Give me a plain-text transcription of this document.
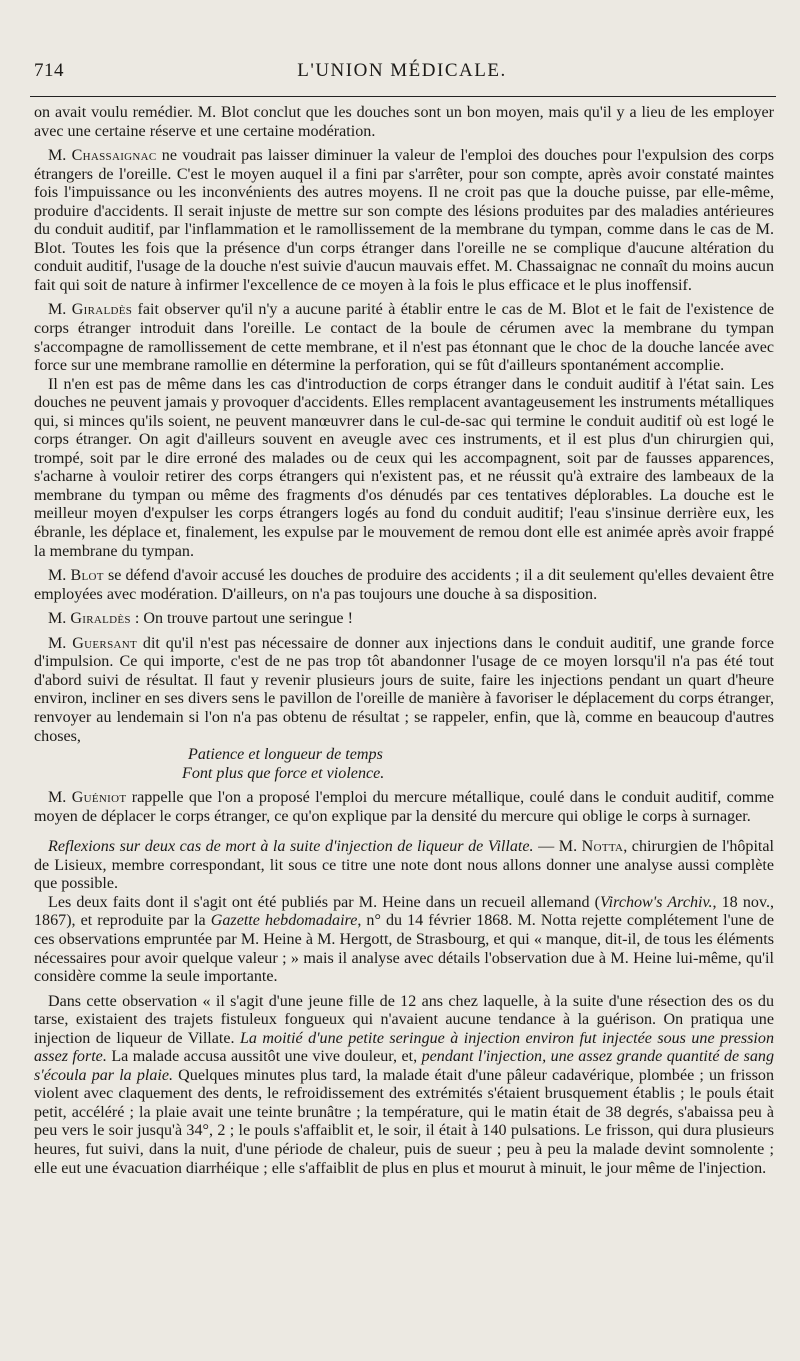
714	L'UNION MÉDICALE.

on avait voulu remédier. M. Blot conclut que les douches sont un bon moyen, mais qu'il y a lieu de les employer avec une certaine réserve et une certaine modération.

M. Chassaignac ne voudrait pas laisser diminuer la valeur de l'emploi des douches pour l'expulsion des corps étrangers de l'oreille. C'est le moyen auquel il a fini par s'arrêter, pour son compte, après avoir constaté maintes fois l'impuissance ou les inconvénients des autres moyens. Il ne croit pas que la douche puisse, par elle-même, produire d'accidents. Il serait injuste de mettre sur son compte des lésions produites par des maladies antérieures du conduit auditif, par l'inflammation et le ramollissement de la membrane du tympan, comme dans le cas de M. Blot. Toutes les fois que la présence d'un corps étranger dans l'oreille ne se complique d'aucune altération du conduit auditif, l'usage de la douche n'est suivie d'aucun mauvais effet. M. Chassaignac ne connaît du moins aucun fait qui soit de nature à infirmer l'excellence de ce moyen à la fois le plus efficace et le plus inoffensif.

M. Giraldès fait observer qu'il n'y a aucune parité à établir entre le cas de M. Blot et le fait de l'existence de corps étranger introduit dans l'oreille. Le contact de la boule de cérumen avec la membrane du tympan s'accompagne de ramollissement de cette membrane, et il n'est pas étonnant que le choc de la douche lancée avec force sur une membrane ramollie en détermine la perforation, qui se fût d'ailleurs spontanément accomplie.

Il n'en est pas de même dans les cas d'introduction de corps étranger dans le conduit auditif à l'état sain. Les douches ne peuvent jamais y provoquer d'accidents. Elles remplacent avantageusement les instruments métalliques qui, si minces qu'ils soient, ne peuvent manœuvrer dans le cul-de-sac qui termine le conduit auditif où est logé le corps étranger. On agit d'ailleurs souvent en aveugle avec ces instruments, et il est plus d'un chirurgien qui, trompé, soit par le dire erroné des malades ou de ceux qui les accompagnent, soit par de fausses apparences, s'acharne à vouloir retirer des corps étrangers qui n'existent pas, et ne réussit qu'à extraire des lambeaux de la membrane du tympan ou même des fragments d'os dénudés par ces tentatives déplorables. La douche est le meilleur moyen d'expulser les corps étrangers logés au fond du conduit auditif; l'eau s'insinue derrière eux, les ébranle, les déplace et, finalement, les expulse par le mouvement de remou dont elle est animée après avoir frappé la membrane du tympan.

M. Blot se défend d'avoir accusé les douches de produire des accidents ; il a dit seulement qu'elles devaient être employées avec modération. D'ailleurs, on n'a pas toujours une douche à sa disposition.

M. Giraldès : On trouve partout une seringue !

M. Guersant dit qu'il n'est pas nécessaire de donner aux injections dans le conduit auditif, une grande force d'impulsion. Ce qui importe, c'est de ne pas trop tôt abandonner l'usage de ce moyen lorsqu'il n'a pas été tout d'abord suivi de résultat. Il faut y revenir plusieurs jours de suite, faire les injections pendant un quart d'heure environ, incliner en ses divers sens le pavillon de l'oreille de manière à favoriser le déplacement du corps étranger, renvoyer au lendemain si l'on n'a pas obtenu de résultat ; se rappeler, enfin, que là, comme en beaucoup d'autres choses,

Patience et longueur de temps

Font plus que force et violence.

M. Guéniot rappelle que l'on a proposé l'emploi du mercure métallique, coulé dans le conduit auditif, comme moyen de déplacer le corps étranger, ce qu'on explique par la densité du mercure qui oblige le corps à surnager.

Reflexions sur deux cas de mort à la suite d'injection de liqueur de Villate. — M. Notta, chirurgien de l'hôpital de Lisieux, membre correspondant, lit sous ce titre une note dont nous allons donner une analyse aussi complète que possible.

Les deux faits dont il s'agit ont été publiés par M. Heine dans un recueil allemand (Virchow's Archiv., 18 nov., 1867), et reproduite par la Gazette hebdomadaire, n° du 14 février 1868. M. Notta rejette complétement l'une de ces observations empruntée par M. Heine à M. Hergott, de Strasbourg, et qui « manque, dit-il, de tous les éléments nécessaires pour avoir quelque valeur ; » mais il analyse avec détails l'observation due à M. Heine lui-même, qu'il considère comme la seule importante.

Dans cette observation « il s'agit d'une jeune fille de 12 ans chez laquelle, à la suite d'une résection des os du tarse, existaient des trajets fistuleux fongueux qui n'avaient aucune tendance à la guérison. On pratiqua une injection de liqueur de Villate. La moitié d'une petite seringue à injection environ fut injectée sous une pression assez forte. La malade accusa aussitôt une vive douleur, et, pendant l'injection, une assez grande quantité de sang s'écoula par la plaie. Quelques minutes plus tard, la malade était d'une pâleur cadavérique, plombée ; un frisson violent avec claquement des dents, le refroidissement des extrémités s'étaient brusquement établis ; le pouls était petit, accéléré ; la plaie avait une teinte brunâtre ; la température, qui le matin était de 38 degrés, s'abaissa peu à peu vers le soir jusqu'à 34°, 2 ; le pouls s'affaiblit et, le soir, il était à 140 pulsations. Le frisson, qui dura plusieurs heures, fut suivi, dans la nuit, d'une période de chaleur, puis de sueur ; peu à peu la malade devint somnolente ; elle eut une évacuation diarrhéique ; elle s'affaiblit de plus en plus et mourut à minuit, le jour même de l'injection.
